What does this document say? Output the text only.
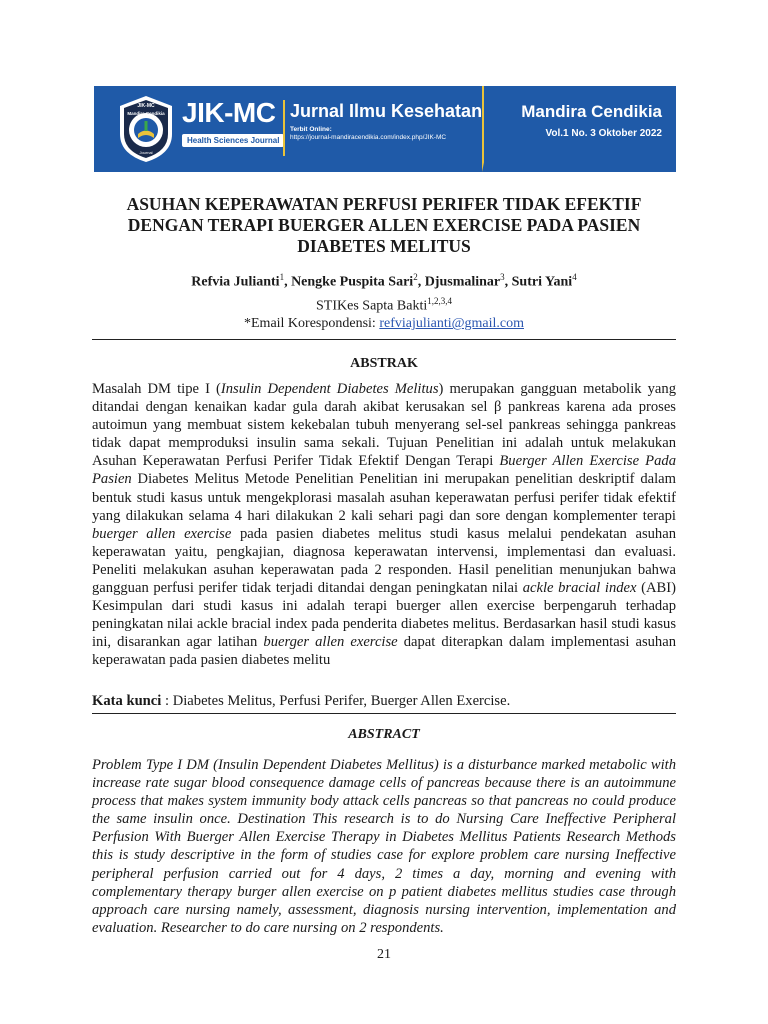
JIK-MC
Mandira Cendikia
Journal
JIK-MC
Health Sciences Journal
Jurnal Ilmu Kesehatan
Terbit Online:
https://journal-mandiracendikia.com/index.php/JIK-MC
Mandira Cendikia
Vol.1 No. 3 Oktober 2022
ASUHAN KEPERAWATAN PERFUSI PERIFER TIDAK EFEKTIF
DENGAN TERAPI BUERGER ALLEN EXERCISE PADA PASIEN
DIABETES MELITUS
Refvia Julianti$^1$, Nengke Puspita Sari$^2$, Djusmalinar$^3$, Sutri Yani$^4$
STIKes Sapta Bakti$^{1,2,3,4}$
*Email Korespondensi: refviajulianti@gmail.com
ABSTRAK
Masalah DM tipe I (Insulin Dependent Diabetes Melitus) merupakan gangguan metabolik yang ditandai dengan kenaikan kadar gula darah akibat kerusakan sel β pankreas karena ada proses autoimun yang membuat sistem kekebalan tubuh menyerang sel-sel pankreas sehingga pankreas tidak dapat memproduksi insulin sama sekali. Tujuan Penelitian ini adalah untuk melakukan Asuhan Keperawatan Perfusi Perifer Tidak Efektif Dengan Terapi Buerger Allen Exercise Pada Pasien Diabetes Melitus Metode Penelitian Penelitian ini merupakan penelitian deskriptif dalam bentuk studi kasus untuk mengekplorasi masalah asuhan keperawatan perfusi perifer tidak efektif yang dilakukan selama 4 hari dilakukan 2 kali sehari pagi dan sore dengan komplementer terapi buerger allen exercise pada pasien diabetes melitus studi kasus melalui pendekatan asuhan keperawatan yaitu, pengkajian, diagnosa keperawatan intervensi, implementasi dan evaluasi. Peneliti melakukan asuhan keperawatan pada 2 responden. Hasil penelitian menunjukan bahwa gangguan perfusi perifer tidak terjadi ditandai dengan peningkatan nilai ackle bracial index (ABI) Kesimpulan dari studi kasus ini adalah terapi buerger allen exercise berpengaruh terhadap peningkatan nilai ackle bracial index pada penderita diabetes melitus. Berdasarkan hasil studi kasus ini, disarankan agar latihan buerger allen exercise dapat diterapkan dalam implementasi asuhan keperawatan pada pasien diabetes melitu
Kata kunci : Diabetes Melitus, Perfusi Perifer, Buerger Allen Exercise.
ABSTRACT
Problem Type I DM (Insulin Dependent Diabetes Mellitus) is a disturbance marked metabolic with increase rate sugar blood consequence damage cells of pancreas because there is an autoimmune process that makes system immunity body attack cells pancreas so that pancreas no could produce the same insulin once. Destination This research is to do Nursing Care Ineffective Peripheral Perfusion With Buerger Allen Exercise Therapy in Diabetes Mellitus Patients Research Methods this is study descriptive in the form of studies case for explore problem care nursing Ineffective peripheral perfusion carried out for 4 days, 2 times a day, morning and evening with complementary therapy burger allen exercise on p patient diabetes mellitus studies case through approach care nursing namely, assessment, diagnosis nursing intervention, implementation and evaluation. Researcher to do care nursing on 2 respondents.
21
